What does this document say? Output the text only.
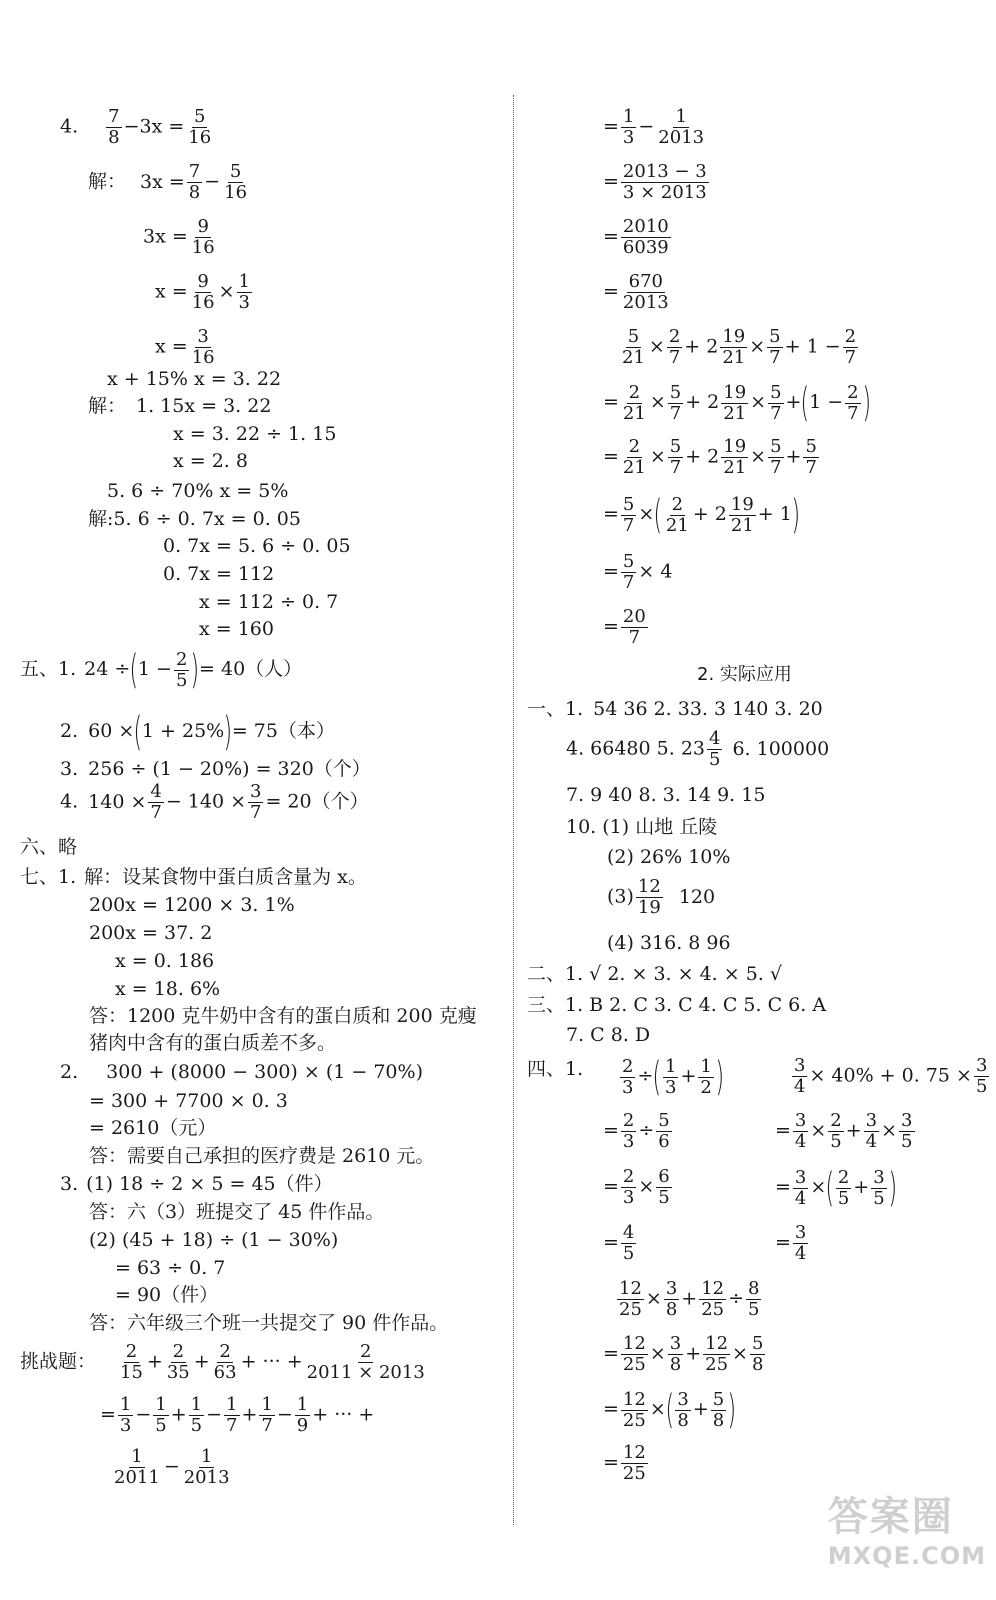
4. $\frac{7}{8} -3x = \frac{5}{16}$
解： $3x = \frac{7}{8} - \frac{5}{16}$
$3x = \frac{9}{16}$
$x = \frac{9}{16} \times \frac{1}{3}$
$x = \frac{3}{16}$
x + 15% x = 3. 22
解： 1. 15x = 3. 22
x = 3. 22 ÷ 1. 15
x = 2. 8
5. 6 ÷ 70% x = 5%
解:5. 6 ÷ 0. 7x = 0. 05
0. 7x = 5. 6 ÷ 0. 05
0. 7x = 112
x = 112 ÷ 0. 7
x = 160
五、1. $24 \div(1 - \frac{2}{5}$ )= 40（人）
2. 60 ×(1 + 25%)= 75（本）
3. 256 ÷ (1 − 20%) = 320（个）
4. $140 \times \frac{4}{7} - 140 \times \frac{3}{7} = 20$（个）
六、略
七、1. 解：设某食物中蛋白质含量为 x。
200x = 1200 × 3. 1%
200x = 37. 2
x = 0. 186
x = 18. 6%
答：1200 克牛奶中含有的蛋白质和 200 克瘦
猪肉中含有的蛋白质差不多。
2. 300 + (8000 − 300) × (1 − 70%)
= 300 + 7700 × 0. 3
= 2610（元）
答：需要自己承担的医疗费是 2610 元。
3. (1) 18 ÷ 2 × 5 = 45（件）
答：六（3）班提交了 45 件作品。
(2) (45 + 18) ÷ (1 − 30%)
= 63 ÷ 0. 7
= 90（件）
答：六年级三个班一共提交了 90 件作品。
挑战题： $\frac{2}{15} + \frac{2}{35} + \frac{2}{63}$ + ··· + $\frac{2}{2011 \times 2013}$
= $\frac{1}{3} - \frac{1}{5} + \frac{1}{5} - \frac{1}{7} + \frac{1}{7} - \frac{1}{9}$ + ··· +
$\frac{1}{2011} - \frac{1}{2013}$
= $\frac{1}{3} - \frac{1}{2013}$
= $\frac{2013 - 3}{3 \times 2013}$
= $\frac{2010}{6039}$
= $\frac{670}{2013}$
$\frac{5}{21} \times \frac{2}{7} + 2 \frac{19}{21} \times \frac{5}{7} + 1 - \frac{2}{7}$
= $\frac{2}{21} \times \frac{5}{7} + 2 \frac{19}{21} \times \frac{5}{7} +(1 - \frac{2}{7}$ )
= $\frac{2}{21} \times \frac{5}{7} + 2 \frac{19}{21} \times \frac{5}{7} + \frac{5}{7}$
= $\frac{5}{7}$ ×( $\frac{2}{21} + 2 \frac{19}{21} + 1$)
= $\frac{5}{7} \times 4$
= $\frac{20}{7}$
2. 实际应用
一、1. 54 36 2. 33. 3 140 3. 20
4. 66480 5. $23 \frac{4}{5} 6$. 100000
7. 9 40 8. 3. 14 9. 15
10. (1) 山地 丘陵
(2) 26% 10%
$(3) \frac{12}{19} 120$
(4) 316. 8 96
二、1. √ 2. × 3. × 4. × 5. √
三、1. B 2. C 3. C 4. C 5. C 6. A
7. C 8. D
四、1. $\frac{2}{3}$ ÷( $\frac{1}{3} + \frac{1}{2}$ )	$\frac{3}{4} \times 40\% + 0$. $75 \times \frac{3}{5}$
= $\frac{2}{3} \div \frac{5}{6}$	= $\frac{3}{4} \times \frac{2}{5} + \frac{3}{4} \times \frac{3}{5}$
= $\frac{2}{3} \times \frac{6}{5}$	= $\frac{3}{4}$ ×( $\frac{2}{5} + \frac{3}{5}$ )
= $\frac{4}{5}$	= $\frac{3}{4}$
$\frac{12}{25} \times \frac{3}{8} + \frac{12}{25} \div \frac{8}{5}$
= $\frac{12}{25} \times \frac{3}{8} + \frac{12}{25} \times \frac{5}{8}$
= $\frac{12}{25}$ ×( $\frac{3}{8} + \frac{5}{8}$ )
= $\frac{12}{25}$
答案圈
MXQE.COM
